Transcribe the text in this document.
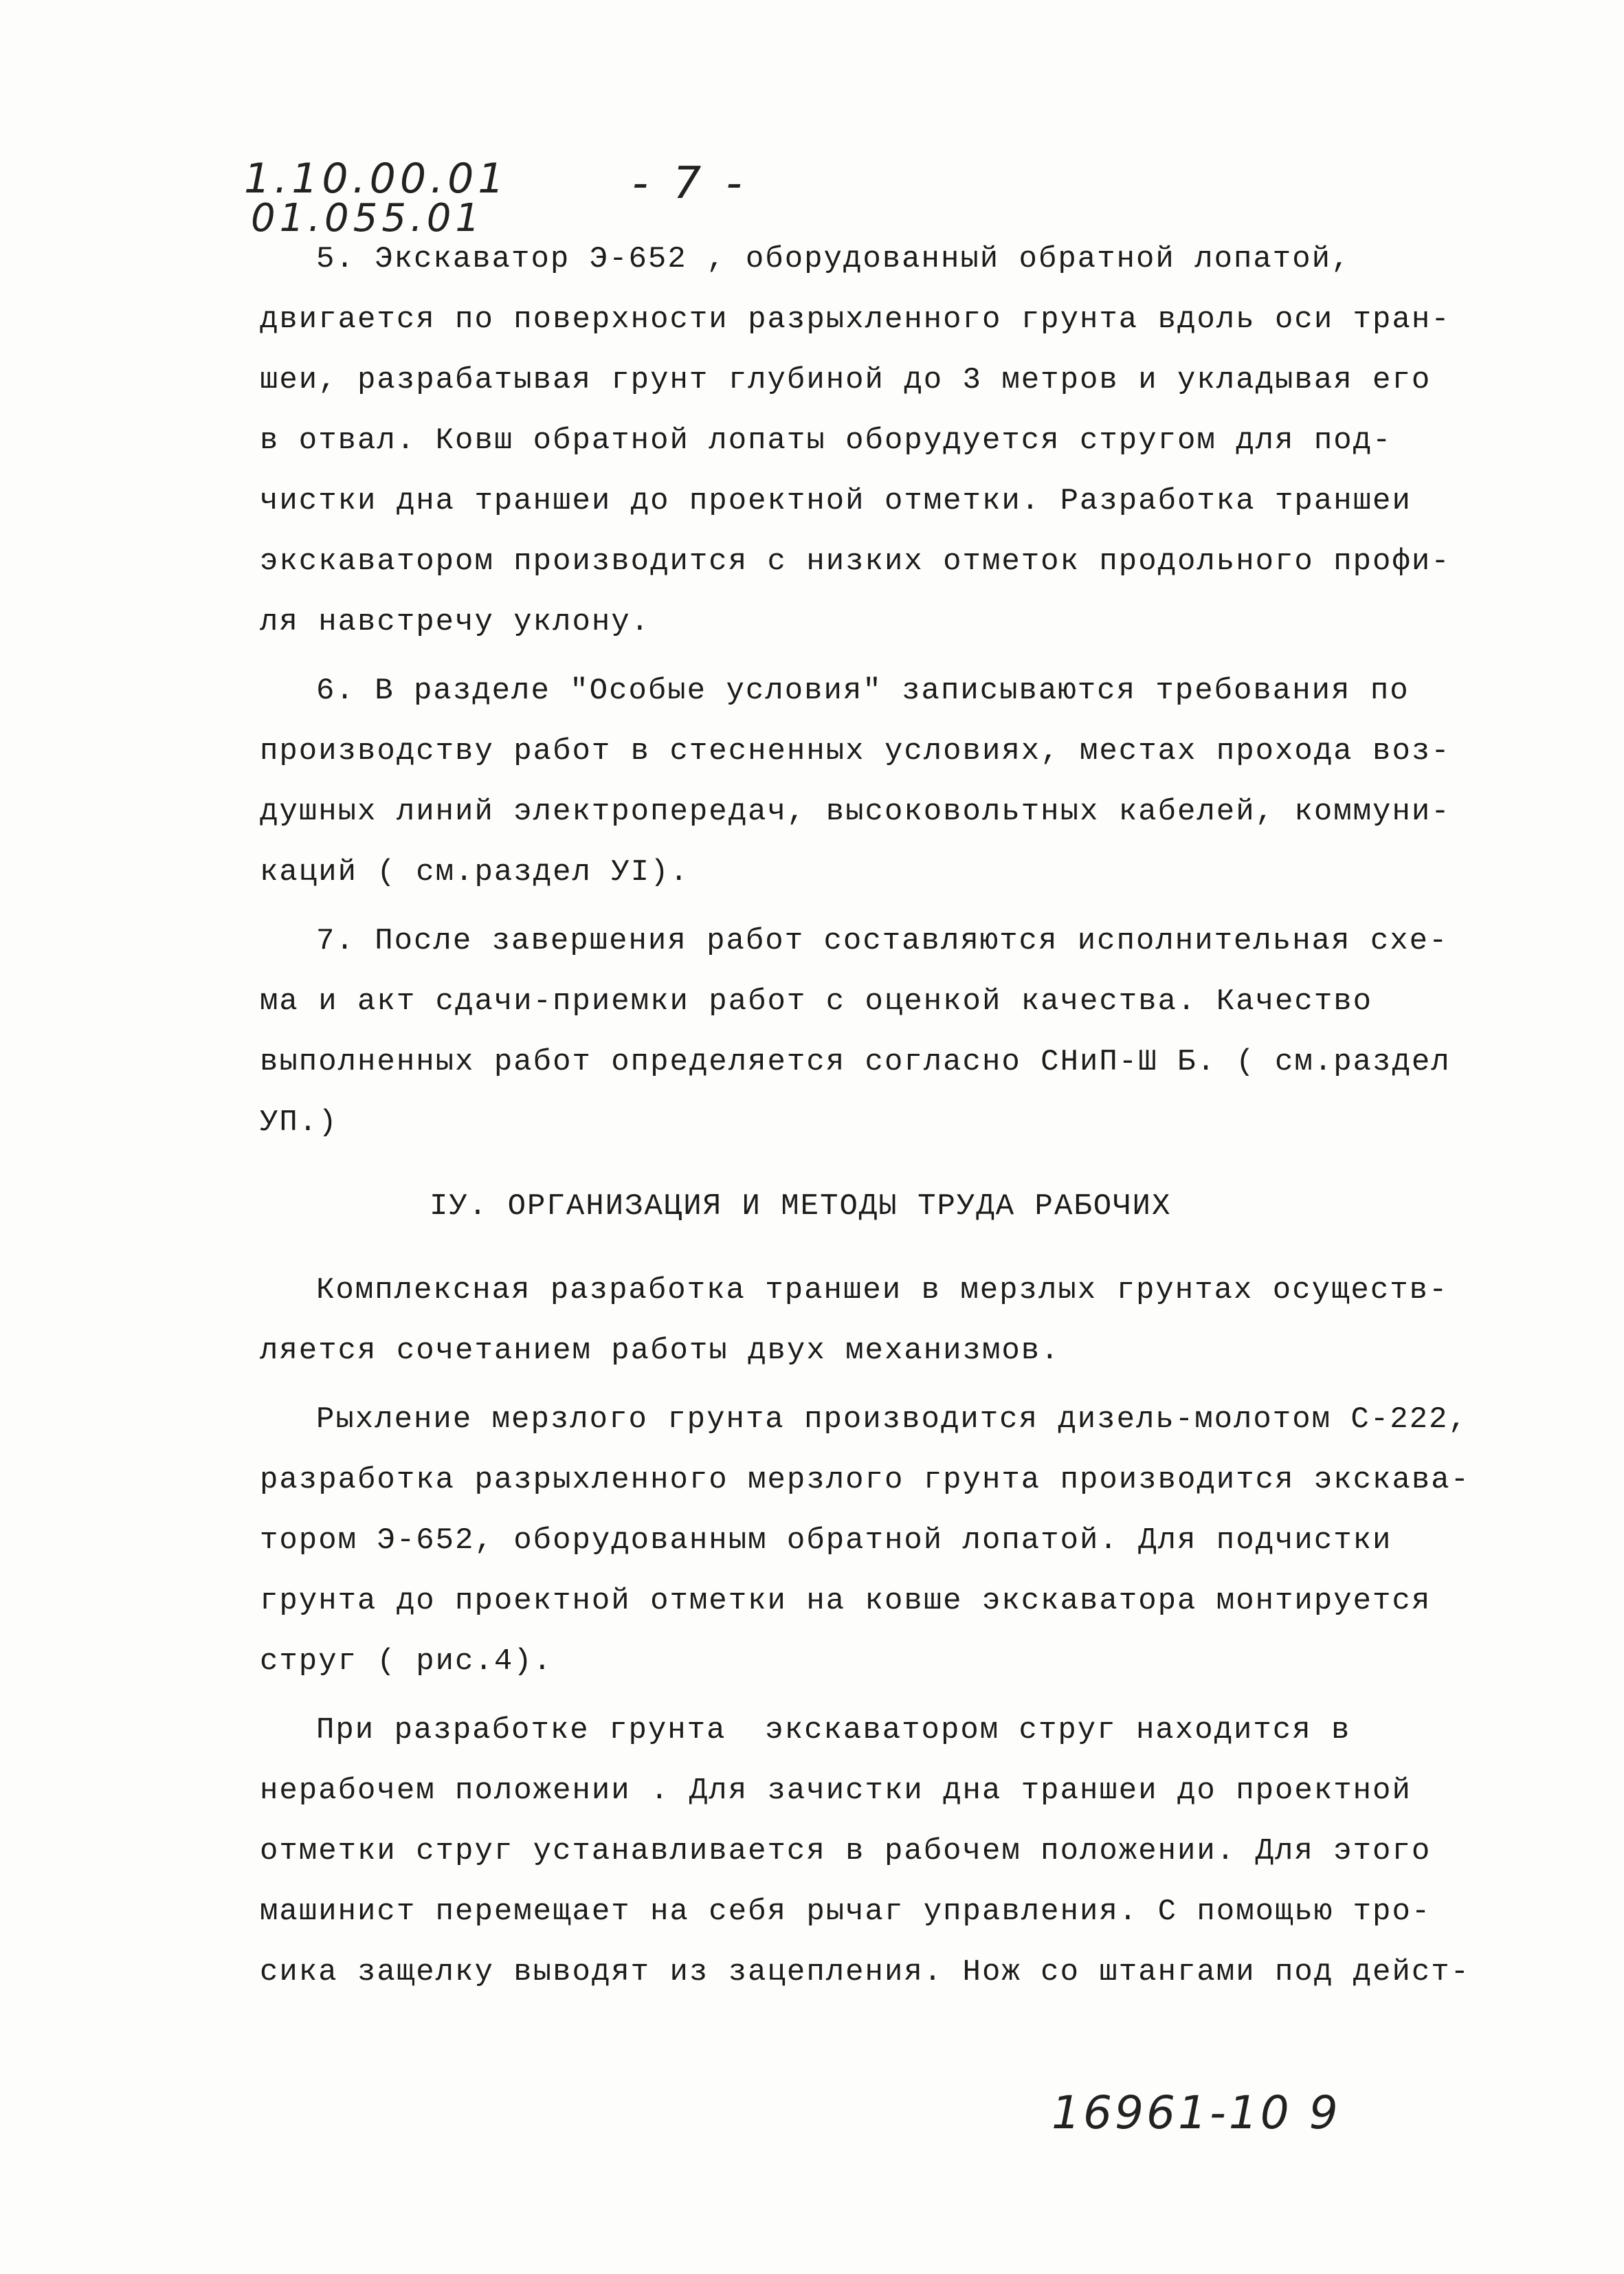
1.10.00.01
01.055.01
- 7 -
5. Экскаватор Э-652 , оборудованный обратной лопатой,
двигается по поверхности разрыхленного грунта вдоль оси тран-
шеи, разрабатывая грунт глубиной до 3 метров и укладывая его
в отвал. Ковш обратной лопаты оборудуется стругом для под-
чистки дна траншеи до проектной отметки. Разработка траншеи
экскаватором производится с низких отметок продольного профи-
ля навстречу уклону.
6. В разделе "Особые условия" записываются требования по
производству работ в стесненных условиях, местах прохода воз-
душных линий электропередач, высоковольтных кабелей, коммуни-
каций ( см.раздел УI).
7. После завершения работ составляются исполнительная схе-
ма и акт сдачи-приемки работ с оценкой качества. Качество
выполненных работ определяется согласно СНиП-Ш Б. ( см.раздел
УП.)
IУ. ОРГАНИЗАЦИЯ И МЕТОДЫ ТРУДА РАБОЧИХ
Комплексная разработка траншеи в мерзлых грунтах осуществ-
ляется сочетанием работы двух механизмов.
Рыхление мерзлого грунта производится дизель-молотом С-222,
разработка разрыхленного мерзлого грунта производится экскава-
тором Э-652, оборудованным обратной лопатой. Для подчистки
грунта до проектной отметки на ковше экскаватора монтируется
струг ( рис.4).
При разработке грунта  экскаватором струг находится в
нерабочем положении . Для зачистки дна траншеи до проектной
отметки струг устанавливается в рабочем положении. Для этого
машинист перемещает на себя рычаг управления. С помощью тро-
сика защелку выводят из зацепления. Нож со штангами под дейст-
16961-10 9
